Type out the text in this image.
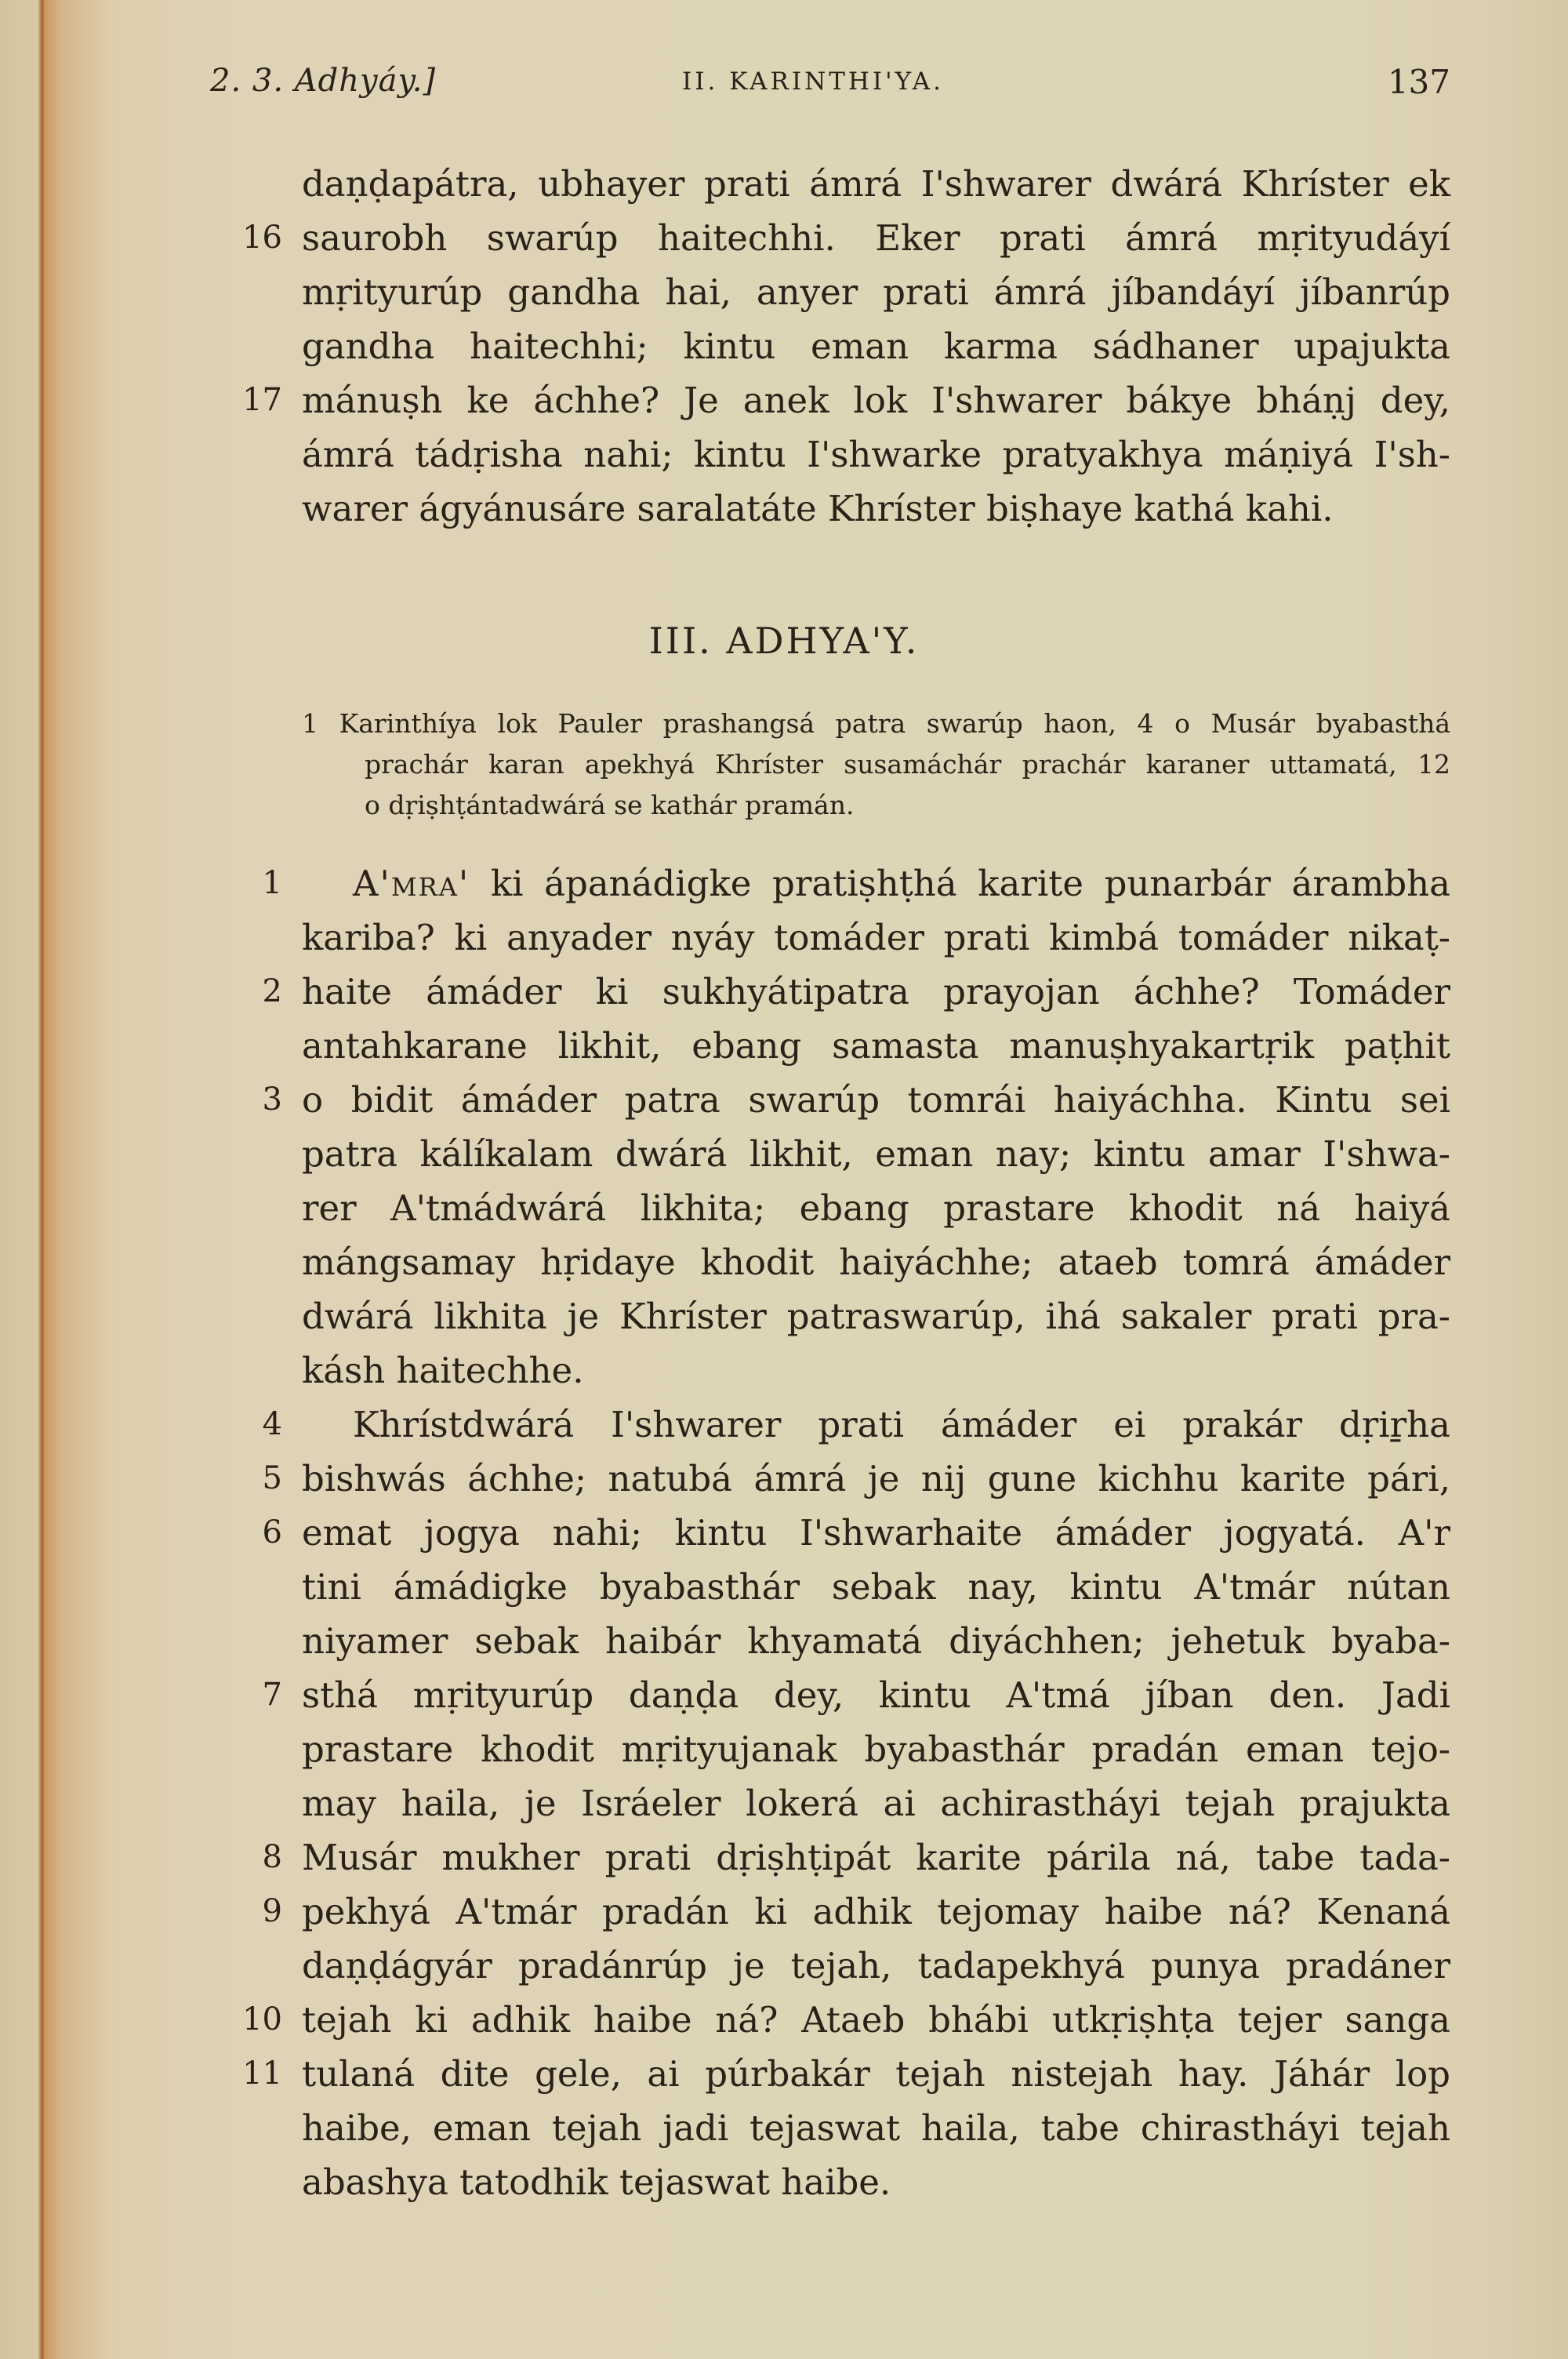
2. 3. Adhyáy.]	II. KARINTHI'YA.	137
daṇḍapátra, ubhayer prati ámrá I'shwarer dwárá Khríster ek
16 saurobh swarúp haitechhi. Eker prati ámrá mṛityudáyí
mṛityurúp gandha hai, anyer prati ámrá jíbandáyí jíbanrúp
gandha haitechhi; kintu eman karma sádhaner upajukta
17 mánuṣh ke áchhe? Je anek lok I'shwarer bákye bháṇj dey,
ámrá tádṛisha nahi; kintu I'shwarke pratyakhya máṇiyá I'sh-
warer ágyánusáre saralatáte Khríster biṣhaye kathá kahi.
III. ADHYA'Y.
1 Karinthíya lok Pauler prashangsá patra swarúp haon, 4 o Musár byabasthá
prachár karan apekhyá Khríster susamáchár prachár karaner uttamatá, 12
o dṛiṣhṭántadwárá se kathár pramán.
1	A'mra' ki ápanádigke pratiṣhṭhá karite punarbár árambha
kariba? ki anyader nyáy tomáder prati kimbá tomáder nikaṭ-
2 haite ámáder ki sukhyátipatra prayojan áchhe? Tomáder
antahkarane likhit, ebang samasta manuṣhyakartṛik paṭhit
3 o bidit ámáder patra swarúp tomrái haiyáchha. Kintu sei
patra kálíkalam dwárá likhit, eman nay; kintu amar I'shwa-
rer A'tmádwárá likhita; ebang prastare khodit ná haiyá
mángsamay hṛidaye khodit haiyáchhe; ataeb tomrá ámáder
dwárá likhita je Khríster patraswarúp, ihá sakaler prati pra-
kásh haitechhe.
4	Khrístdwárá I'shwarer prati ámáder ei prakár dṛiṟha
5 bishwás áchhe; natubá ámrá je nij gune kichhu karite pári,
6 emat jogya nahi; kintu I'shwarhaite ámáder jogyatá. A'r
tini ámádigke byabasthár sebak nay, kintu A'tmár nútan
niyamer sebak haibár khyamatá diyáchhen; jehetuk byaba-
7 sthá mṛityurúp daṇḍa dey, kintu A'tmá jíban den. Jadi
prastare khodit mṛityujanak byabasthár pradán eman tejo-
may haila, je Isráeler lokerá ai achirastháyi tejah prajukta
8 Musár mukher prati dṛiṣhṭipát karite párila ná, tabe tada-
9 pekhyá A'tmár pradán ki adhik tejomay haibe ná? Kenaná
daṇḍágyár pradánrúp je tejah, tadapekhyá punya pradáner
10 tejah ki adhik haibe ná? Ataeb bhábi utkṛiṣhṭa tejer sanga
11 tulaná dite gele, ai púrbakár tejah nistejah hay. Jáhár lop
haibe, eman tejah jadi tejaswat haila, tabe chirastháyi tejah
abashya tatodhik tejaswat haibe.
